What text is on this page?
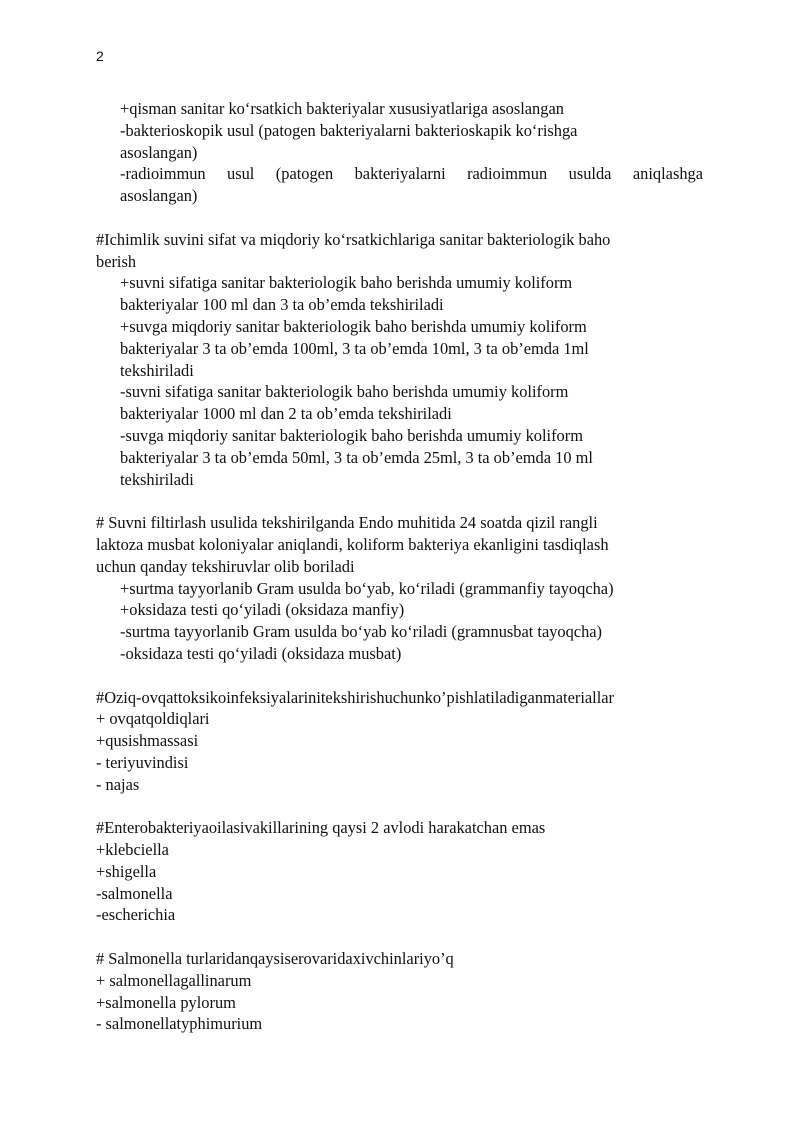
2

+qisman sanitar ko‘rsatkich bakteriyalar xususiyatlariga asoslangan

-bakterioskopik usul (patogen bakteriyalarni bakterioskapik ko‘rishga

asoslangan)

-radioimmun usul (patogen bakteriyalarni radioimmun usulda aniqlashga

asoslangan)

#Ichimlik suvini sifat va miqdoriy ko‘rsatkichlariga sanitar bakteriologik baho

berish

+suvni sifatiga sanitar bakteriologik baho berishda umumiy koliform

bakteriyalar 100 ml dan 3 ta ob’emda tekshiriladi

+suvga miqdoriy sanitar bakteriologik baho berishda umumiy koliform

bakteriyalar 3 ta ob’emda 100ml, 3 ta ob’emda 10ml, 3 ta ob’emda 1ml

tekshiriladi

-suvni sifatiga sanitar bakteriologik baho berishda umumiy koliform

bakteriyalar 1000 ml dan 2 ta ob’emda tekshiriladi

-suvga miqdoriy sanitar bakteriologik baho berishda umumiy koliform

bakteriyalar 3 ta ob’emda 50ml, 3 ta ob’emda 25ml, 3 ta ob’emda 10 ml

tekshiriladi

# Suvni filtirlash usulida tekshirilganda Endo muhitida 24 soatda qizil rangli

laktoza musbat koloniyalar aniqlandi, koliform bakteriya ekanligini tasdiqlash

uchun qanday tekshiruvlar olib boriladi

+surtma tayyorlanib Gram usulda bo‘yab, ko‘riladi (grammanfiy tayoqcha)

+oksidaza testi qo‘yiladi (oksidaza manfiy)

-surtma tayyorlanib Gram usulda bo‘yab ko‘riladi (gramnusbat tayoqcha)

-oksidaza testi qo‘yiladi (oksidaza musbat)

#Oziq-ovqattoksikoinfeksiyalarinitekshirishuchunko’pishlatiladiganmateriallar

+ ovqatqoldiqlari

+qusishmassasi

- teriyuvindisi

- najas

#Enterobakteriyaoilasivakillarining qaysi 2 avlodi harakatchan emas

+klebciella

+shigella

-salmonella

-escherichia

# Salmonella turlaridanqaysiserovaridaxivchinlariyo’q

+ salmonellagallinarum

+salmonella pylorum

- salmonellatyphimurium
